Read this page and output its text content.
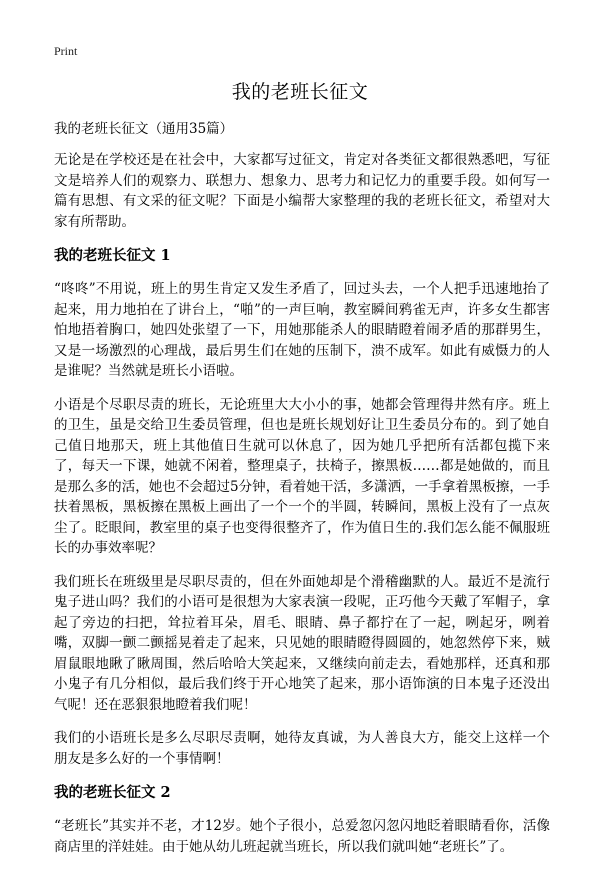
Print
我的老班长征文

我的老班长征文（通用35篇）

无论是在学校还是在社会中，大家都写过征文，肯定对各类征文都很熟悉吧，写征文是培养人们的观察力、联想力、想象力、思考力和记忆力的重要手段。如何写一篇有思想、有文采的征文呢？下面是小编帮大家整理的我的老班长征文，希望对大家有所帮助。

我的老班长征文 1

“咚咚”不用说，班上的男生肯定又发生矛盾了，回过头去，一个人把手迅速地抬了起来，用力地拍在了讲台上，“啪”的一声巨响，教室瞬间鸦雀无声，许多女生都害怕地捂着胸口，她四处张望了一下，用她那能杀人的眼睛瞪着闹矛盾的那群男生，又是一场激烈的心理战，最后男生们在她的压制下，溃不成军。如此有威慑力的人是谁呢？当然就是班长小语啦。

小语是个尽职尽责的班长，无论班里大大小小的事，她都会管理得井然有序。班上的卫生，虽是交给卫生委员管理，但也是班长规划好让卫生委员分布的。到了她自己值日地那天，班上其他值日生就可以休息了，因为她几乎把所有活都包揽下来了，每天一下课，她就不闲着，整理桌子，扶椅子，擦黑板……都是她做的，而且是那么多的活，她也不会超过5分钟，看着她干活，多潇洒，一手拿着黑板擦，一手扶着黑板，黑板擦在黑板上画出了一个一个的半圆，转瞬间，黑板上没有了一点灰尘了。眨眼间，教室里的桌子也变得很整齐了，作为值日生的.我们怎么能不佩服班长的办事效率呢？

我们班长在班级里是尽职尽责的，但在外面她却是个滑稽幽默的人。最近不是流行鬼子进山吗？我们的小语可是很想为大家表演一段呢，正巧他今天戴了军帽子，拿起了旁边的扫把，耸拉着耳朵，眉毛、眼睛、鼻子都拧在了一起，咧起牙，咧着嘴，双脚一颤二颤摇晃着走了起来，只见她的眼睛瞪得圆圆的，她忽然停下来，贼眉鼠眼地瞅了瞅周围，然后哈哈大笑起来，又继续向前走去，看她那样，还真和那小鬼子有几分相似，最后我们终于开心地笑了起来，那小语饰演的日本鬼子还没出气呢！还在恶狠狠地瞪着我们呢！

我们的小语班长是多么尽职尽责啊，她待友真诚，为人善良大方，能交上这样一个朋友是多么好的一个事情啊！

我的老班长征文 2

“老班长”其实并不老，才12岁。她个子很小，总爱忽闪忽闪地眨着眼睛看你，活像商店里的洋娃娃。由于她从幼儿班起就当班长，所以我们就叫她“老班长”了。
